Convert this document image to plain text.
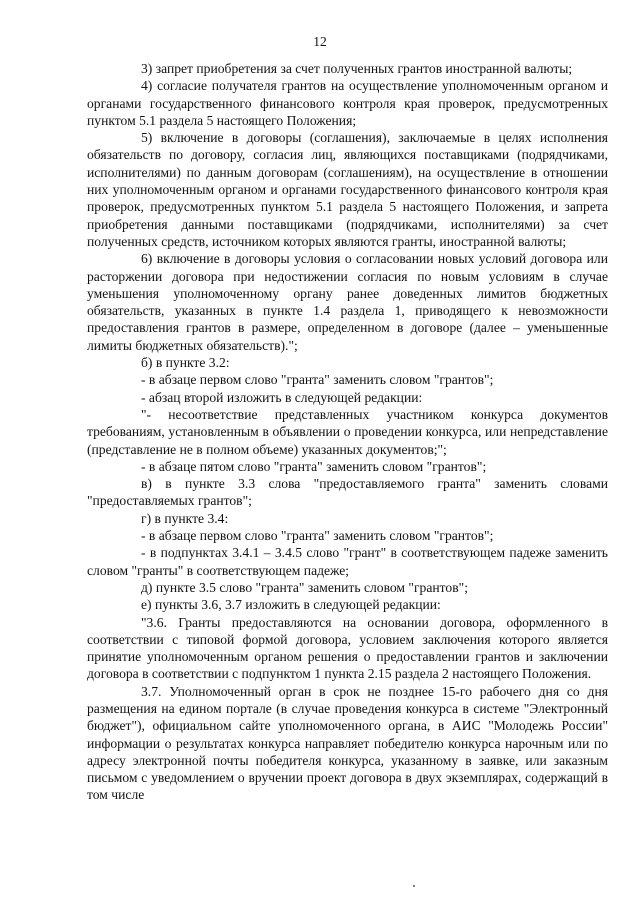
12

3) запрет приобретения за счет полученных грантов иностранной валюты;

4) согласие получателя грантов на осуществление уполномоченным органом и органами государственного финансового контроля края проверок, предусмотренных пунктом 5.1 раздела 5 настоящего Положения;

5) включение в договоры (соглашения), заключаемые в целях исполнения обязательств по договору, согласия лиц, являющихся поставщиками (подрядчиками, исполнителями) по данным договорам (соглашениям), на осуществление в отношении них уполномоченным органом и органами государственного финансового контроля края проверок, предусмотренных пунктом 5.1 раздела 5 настоящего Положения, и запрета приобретения данными поставщиками (подрядчиками, исполнителями) за счет полученных средств, источником которых являются гранты, иностранной валюты;

6) включение в договоры условия о согласовании новых условий договора или расторжении договора при недостижении согласия по новым условиям в случае уменьшения уполномоченному органу ранее доведенных лимитов бюджетных обязательств, указанных в пункте 1.4 раздела 1, приводящего к невозможности предоставления грантов в размере, определенном в договоре (далее – уменьшенные лимиты бюджетных обязательств).";

б) в пункте 3.2:

- в абзаце первом слово "гранта" заменить словом "грантов";

- абзац второй изложить в следующей редакции:

"- несоответствие представленных участником конкурса документов требованиям, установленным в объявлении о проведении конкурса, или непредставление (представление не в полном объеме) указанных документов;";

- в абзаце пятом слово "гранта" заменить словом "грантов";

в) в пункте 3.3 слова "предоставляемого гранта" заменить словами "предоставляемых грантов";

г) в пункте 3.4:

- в абзаце первом слово "гранта" заменить словом "грантов";

- в подпунктах 3.4.1 – 3.4.5 слово "грант" в соответствующем падеже заменить словом "гранты" в соответствующем падеже;

д) пункте 3.5 слово "гранта" заменить словом "грантов";

е) пункты 3.6, 3.7 изложить в следующей редакции:

"3.6. Гранты предоставляются на основании договора, оформленного в соответствии с типовой формой договора, условием заключения которого является принятие уполномоченным органом решения о предоставлении грантов и заключении договора в соответствии с подпунктом 1 пункта 2.15 раздела 2 настоящего Положения.

3.7. Уполномоченный орган в срок не позднее 15-го рабочего дня со дня размещения на едином портале (в случае проведения конкурса в системе "Электронный бюджет"), официальном сайте уполномоченного органа, в АИС "Молодежь России" информации о результатах конкурса направляет победителю конкурса нарочным или по адресу электронной почты победителя конкурса, указанному в заявке, или заказным письмом с уведомлением о вручении проект договора в двух экземплярах, содержащий в том числе
